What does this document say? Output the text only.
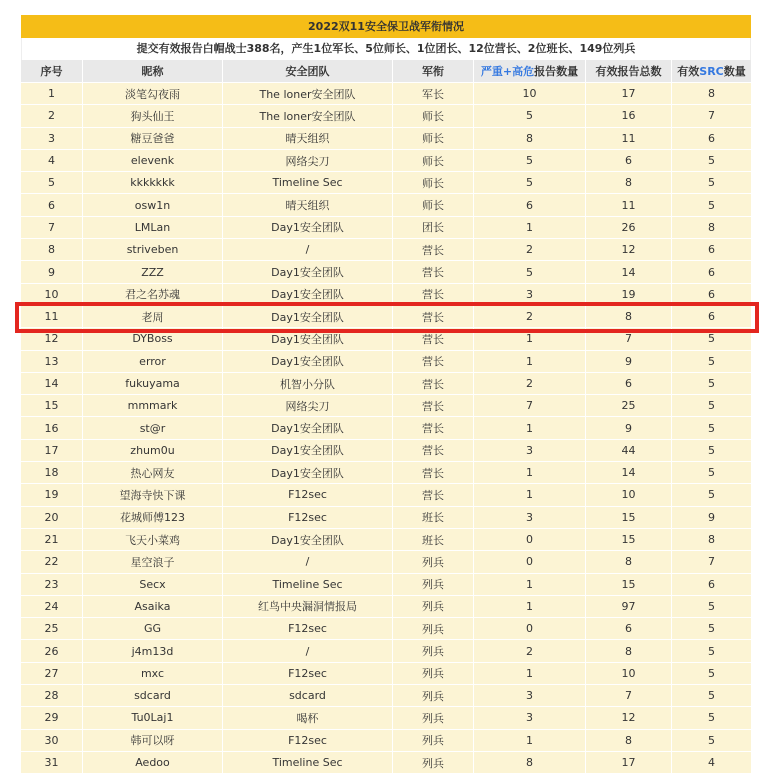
2022双11安全保卫战军衔情况
提交有效报告白帽战士388名，产生1位军长、5位师长、1位团长、12位营长、2位班长、149位列兵
序号	昵称	安全团队	军衔	严重+高危 报告数量	有效报告总数	有效 SRC 数量
1	淡笔勾夜雨	The loner安全团队	军长	10	17	8
2	狗头仙王	The loner安全团队	师长	5	16	7
3	糖豆爸爸	晴天组织	师长	8	11	6
4	elevenk	网络尖刀	师长	5	6	5
5	kkkkkkk	Timeline Sec	师长	5	8	5
6	osw1n	晴天组织	师长	6	11	5
7	LMLan	Day1安全团队	团长	1	26	8
8	striveben	/	营长	2	12	6
9	ZZZ	Day1安全团队	营长	5	14	6
10	君之名苏魂	Day1安全团队	营长	3	19	6
11	老周	Day1安全团队	营长	2	8	6
12	DYBoss	Day1安全团队	营长	1	7	5
13	error	Day1安全团队	营长	1	9	5
14	fukuyama	机智小分队	营长	2	6	5
15	mmmark	网络尖刀	营长	7	25	5
16	st@r	Day1安全团队	营长	1	9	5
17	zhum0u	Day1安全团队	营长	3	44	5
18	热心网友	Day1安全团队	营长	1	14	5
19	望海寺快下课	F12sec	营长	1	10	5
20	花城师傅123	F12sec	班长	3	15	9
21	飞天小菜鸡	Day1安全团队	班长	0	15	8
22	星空浪子	/	列兵	0	8	7
23	Secx	Timeline Sec	列兵	1	15	6
24	Asaika	红鸟中央漏洞情报局	列兵	1	97	5
25	GG	F12sec	列兵	0	6	5
26	j4m13d	/	列兵	2	8	5
27	mxc	F12sec	列兵	1	10	5
28	sdcard	sdcard	列兵	3	7	5
29	Tu0Laj1	喝杯	列兵	3	12	5
30	韩可以呀	F12sec	列兵	1	8	5
31	Aedoo	Timeline Sec	列兵	8	17	4
